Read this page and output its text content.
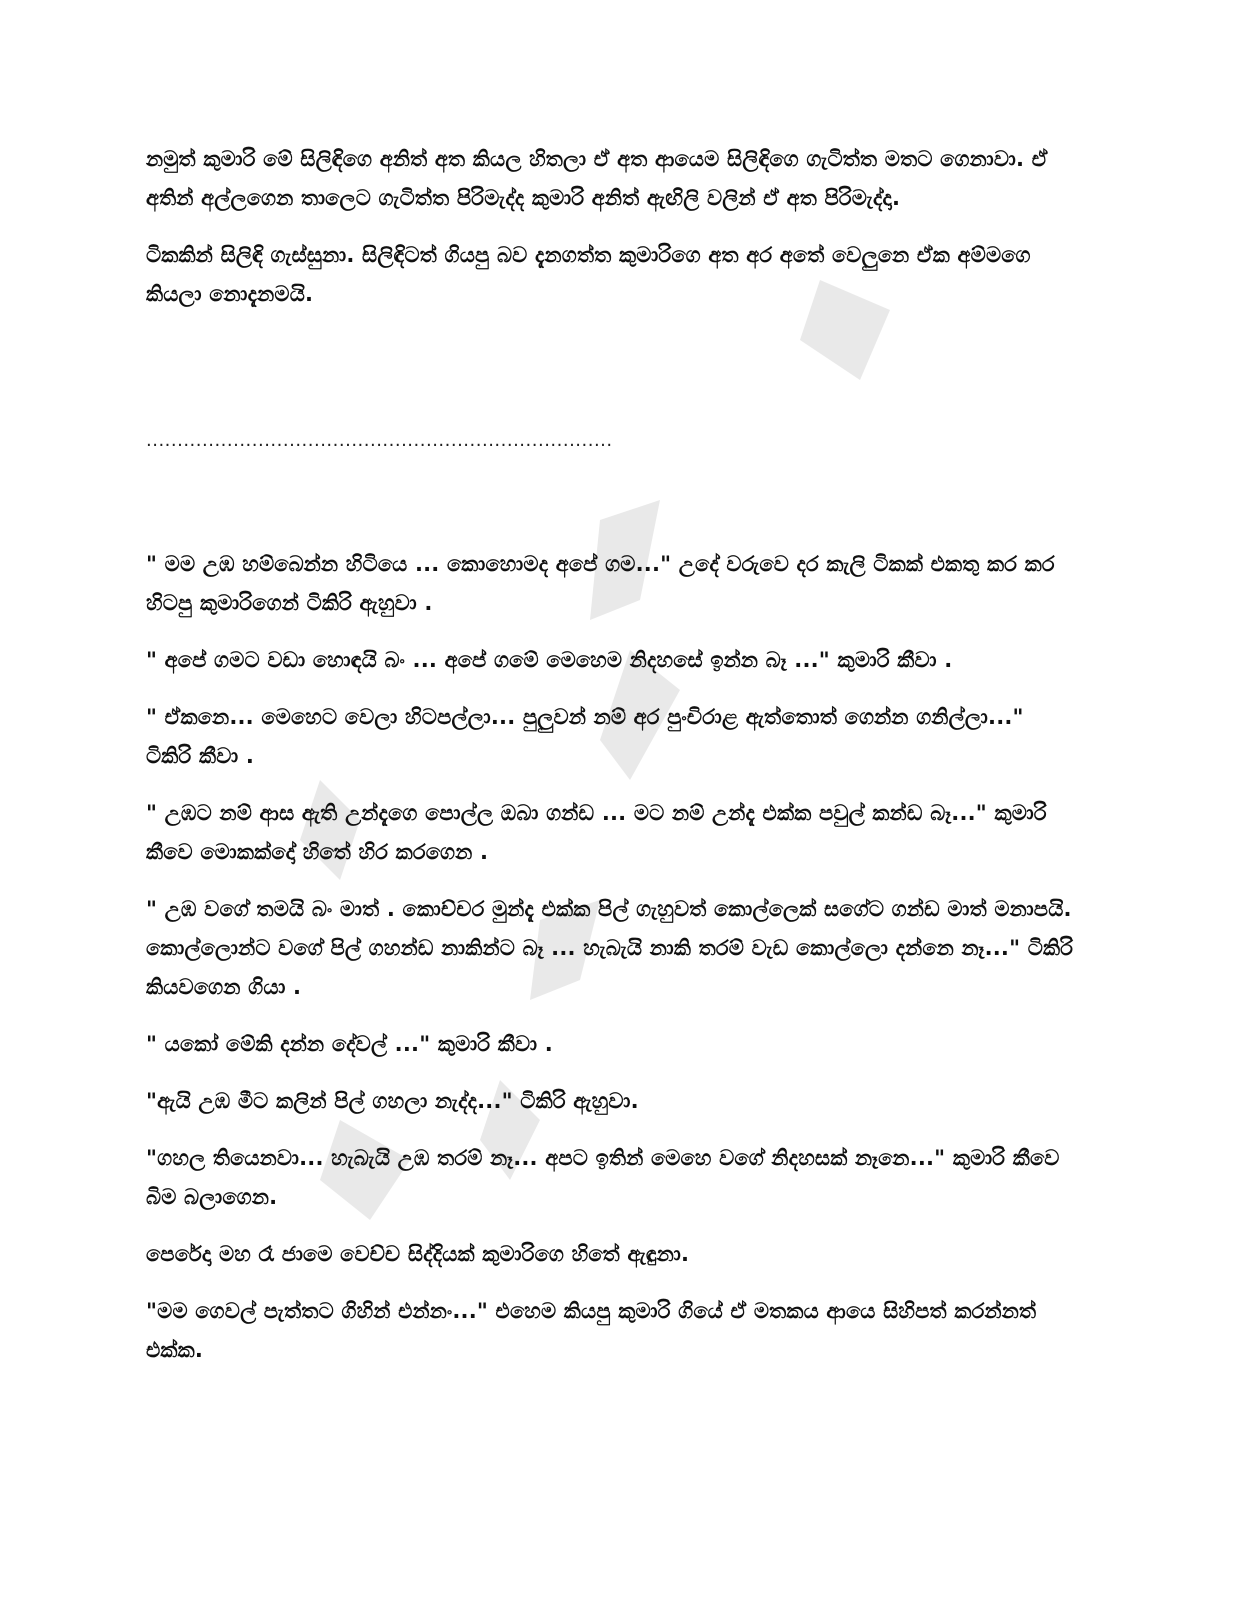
නමුත් කුමාරි මේ සිලිඳිගෙ අනිත් අත කියල හිතලා ඒ අත ආයෙම සිලිඳිගෙ ගැටිත්ත මතට ගෙනාවා. ඒ අතින් අල්ලගෙන තාලෙට ගැටිත්ත පිරිමැද්ද කුමාරි අනිත් ඇඟිලි වලින් ඒ අත පිරිමැද්දා.

ටිකකින් සිලිඳි ගැස්සුනා. සිලිඳිටත් ගියපු බව දැනගත්ත කුමාරිගෙ අත අර අතේ වෙලුනෙ ඒක අම්මගෙ කියලා නොදැනමයි.

...........................................................................

" මම උඹ හම්බෙන්න හිටියෙ ... කොහොමද අපේ ගම..." උදේ වරුවෙ දර කැලි ටිකක් එකතු කර කර හිටපු කුමාරිගෙන් ටිකිරි ඇහුවා .

" අපේ ගමට වඩා හොඳයි බං ... අපේ ගමේ මෙහෙම නිදහසේ ඉන්න බෑ ..." කුමාරි කීවා .

" ඒකනෙ... මෙහෙට වෙලා හිටපල්ලා... පුලුවන් නම් අර පුංචිරාළ ඇත්තොත් ගෙන්න ගනිල්ලා..." ටිකිරි කීවා .

" උඹට නම් ආස ඇති උන්දැගෙ පොල්ල ඔබා ගන්ඩ ... මට නම් උන්දැ එක්ක පවුල් කන්ඩ බෑ..." කුමාරි කීවෙ මොකක්දෝ හිතේ හිර කරගෙන .

" උඹ වගේ තමයි බං මාත් . කොච්චර මුන්දැ එක්ක පිල් ගැහුවත් කොල්ලෙක් සගේට ගන්ඩ මාත් මනාපයි. කොල්ලොන්ට වගේ පිල් ගහන්ඩ නාකින්ට බෑ ... හැබැයි නාකි තරම් වැඩ කොල්ලො දන්නෙ නෑ..." ටිකිරි කියවගෙන ගියා .

" යකෝ මේකි දන්න දේවල් ..." කුමාරි කීවා .

"ඇයි උඹ මීට කලින් පිල් ගහලා නැද්ද..." ටිකිරි ඇහුවා.

"ගහල තියෙනවා... හැබැයි උඹ තරම් නෑ... අපට ඉතින් මෙහෙ වගේ නිදහසක් නෑනෙ..." කුමාරි කීවෙ බිම බලාගෙන.

පෙරේදා මහ රෑ ජාමෙ වෙච්ච සිද්දියක් කුමාරිගෙ හිතේ ඇඳුනා.

"මම ගෙවල් පැත්තට ගිහින් එන්නං..." එහෙම කියපු කුමාරි ගියේ ඒ මතකය ආයෙ සිහිපත් කරන්නත් එක්ක.
